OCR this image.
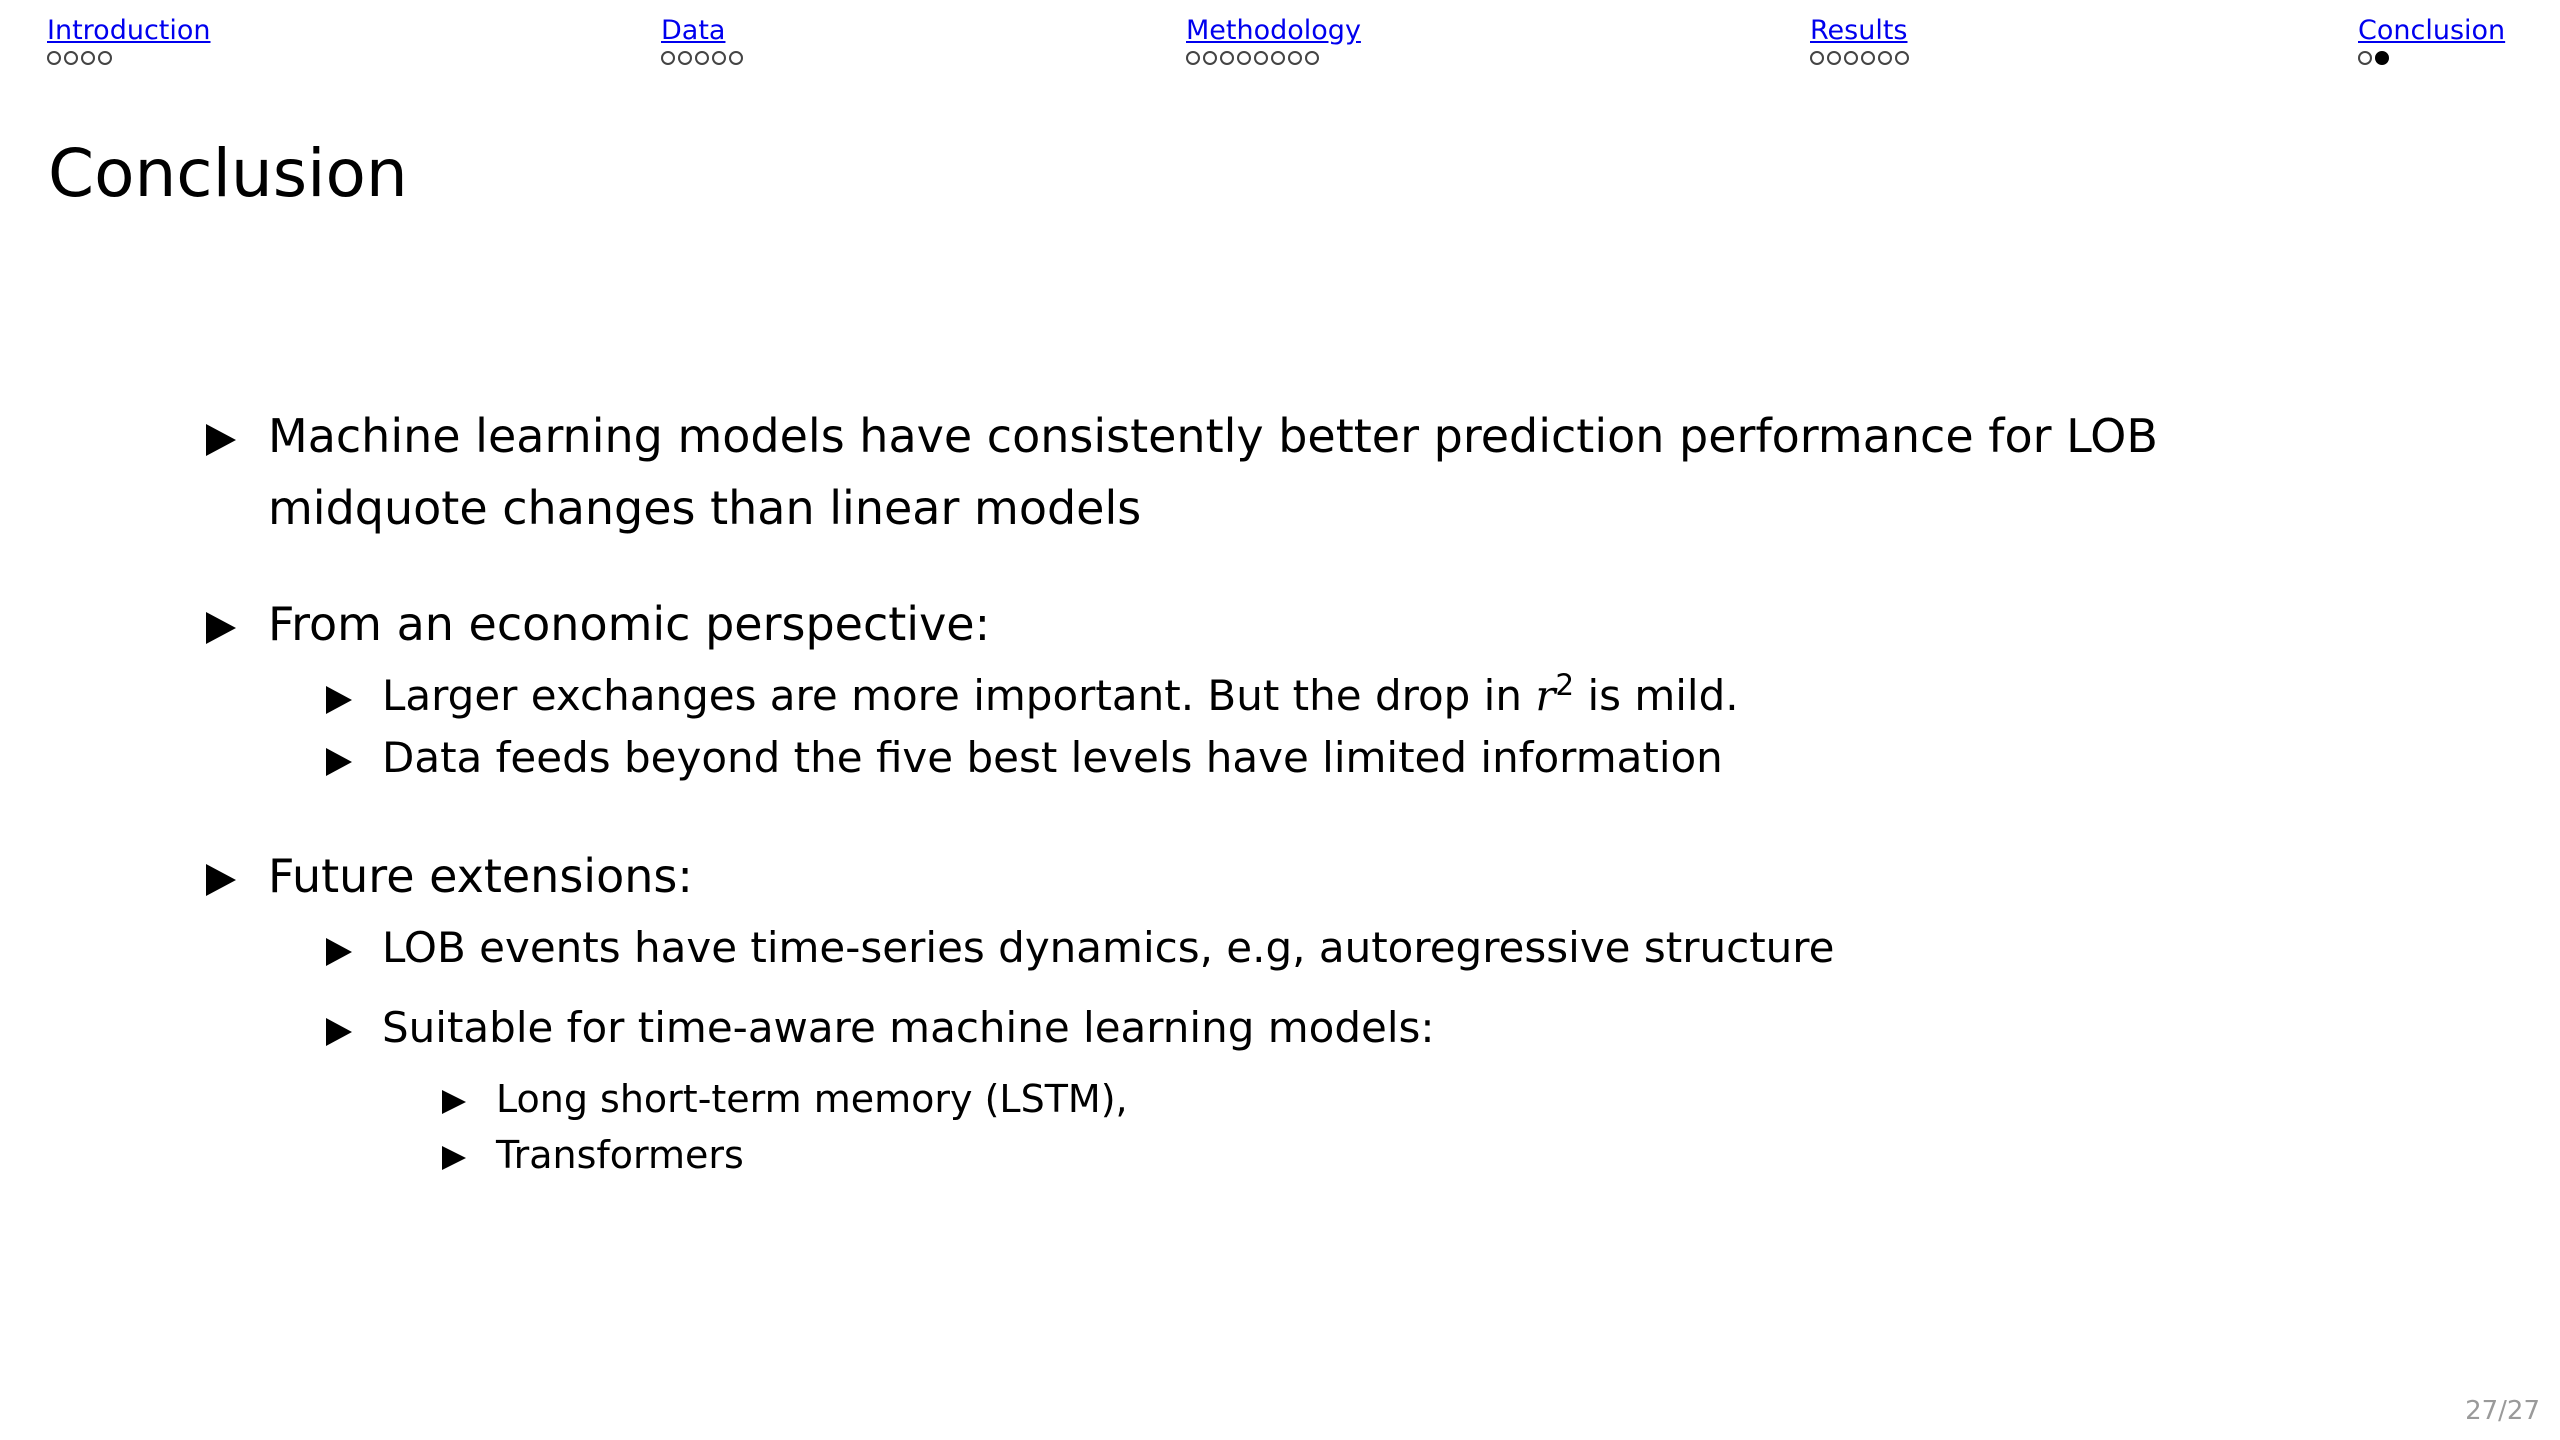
Introduction	Data	Methodology	Results	Conclusion
Conclusion
Machine learning models have consistently better prediction performance for LOB
midquote changes than linear models
From an economic perspective:
Larger exchanges are more important. But the drop in $r^2$ is mild.
Data feeds beyond the five best levels have limited information
Future extensions:
LOB events have time-series dynamics, e.g, autoregressive structure
Suitable for time-aware machine learning models:
Long short-term memory (LSTM),
Transformers
27/27
